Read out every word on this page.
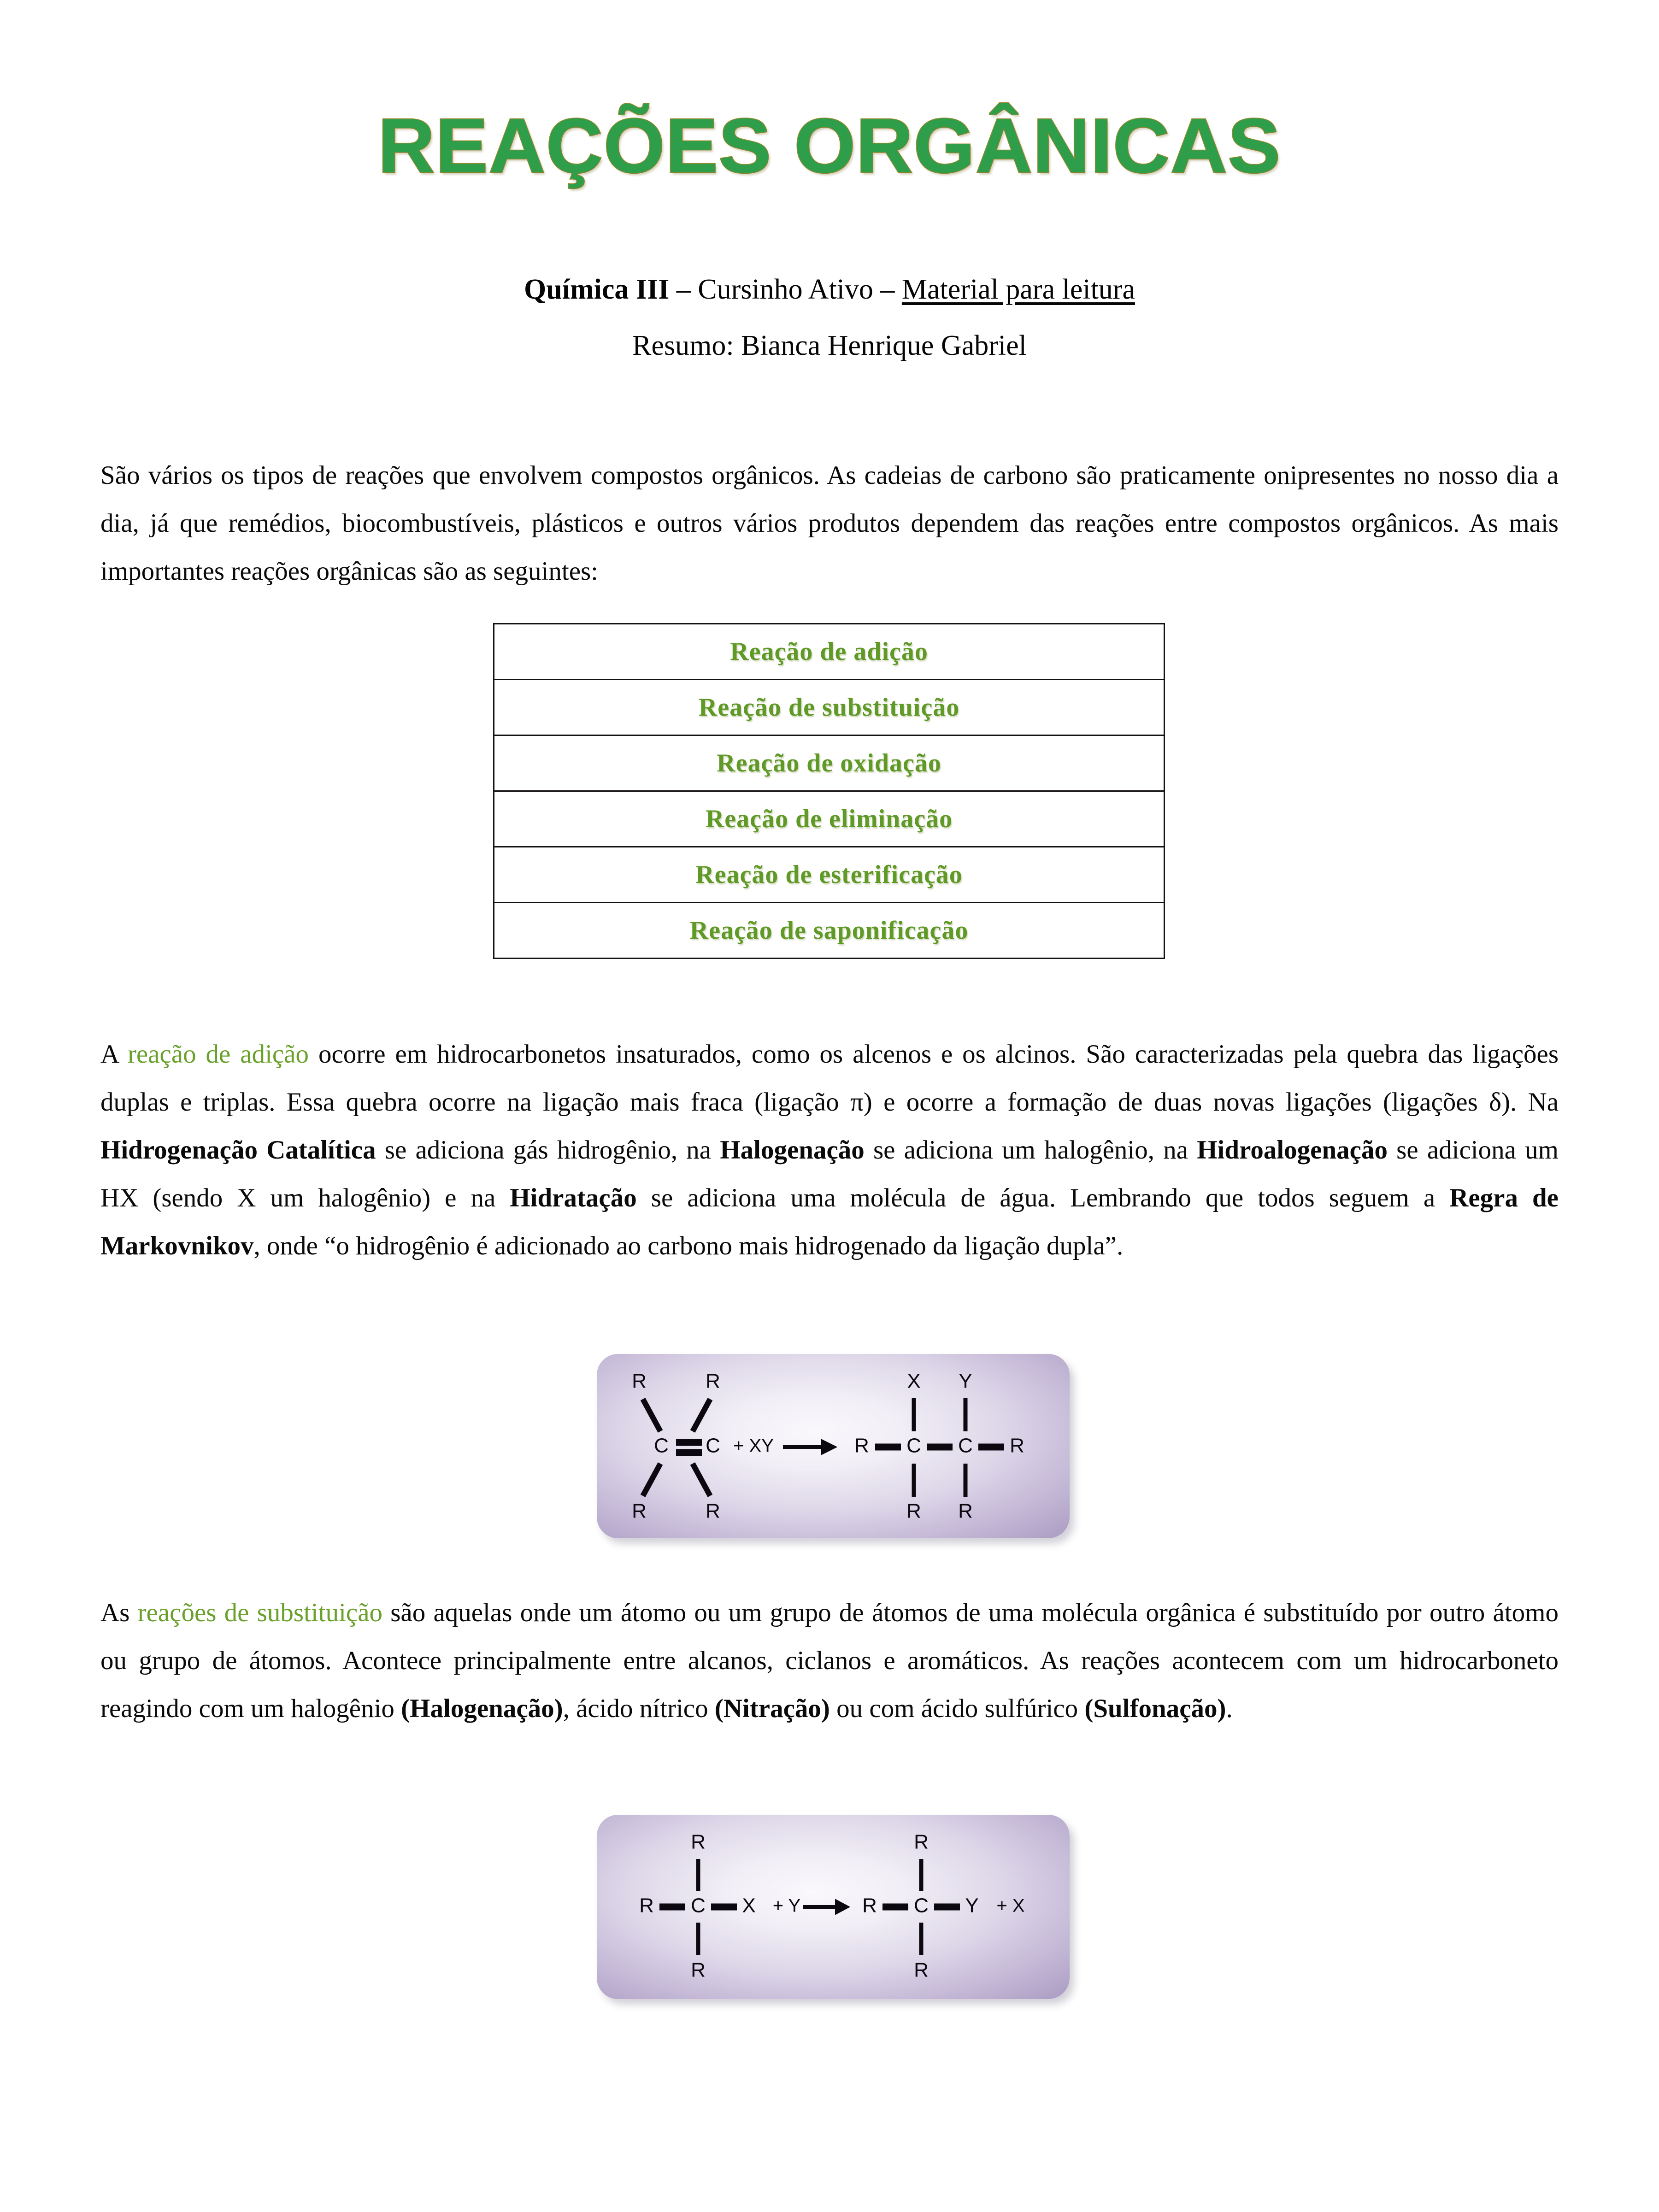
REAÇÕES ORGÂNICAS
Química III – Cursinho Ativo – Material para leitura
Resumo: Bianca Henrique Gabriel
São vários os tipos de reações que envolvem compostos orgânicos. As cadeias de carbono são praticamente onipresentes no nosso dia a dia, já que remédios, biocombustíveis, plásticos e outros vários produtos dependem das reações entre compostos orgânicos. As mais importantes reações orgânicas são as seguintes:
Reação de adição
Reação de substituição
Reação de oxidação
Reação de eliminação
Reação de esterificação
Reação de saponificação
A reação de adição ocorre em hidrocarbonetos insaturados, como os alcenos e os alcinos. São caracterizadas pela quebra das ligações duplas e triplas. Essa quebra ocorre na ligação mais fraca (ligação π) e ocorre a formação de duas novas ligações (ligações δ). Na Hidrogenação Catalítica se adiciona gás hidrogênio, na Halogenação se adiciona um halogênio, na Hidroalogenação se adiciona um HX (sendo X um halogênio) e na Hidratação se adiciona uma molécula de água. Lembrando que todos seguem a Regra de Markovnikov, onde “o hidrogênio é adicionado ao carbono mais hidrogenado da ligação dupla”.
R	R
R	R
C C + XY	R C C R
X Y
R R
As reações de substituição são aquelas onde um átomo ou um grupo de átomos de uma molécula orgânica é substituído por outro átomo ou grupo de átomos. Acontece principalmente entre alcanos, ciclanos e aromáticos. As reações acontecem com um hidrocarboneto reagindo com um halogênio (Halogenação), ácido nítrico (Nitração) ou com ácido sulfúrico (Sulfonação).
R C X
R
R
+ Y	R C Y
R
R
+ X
